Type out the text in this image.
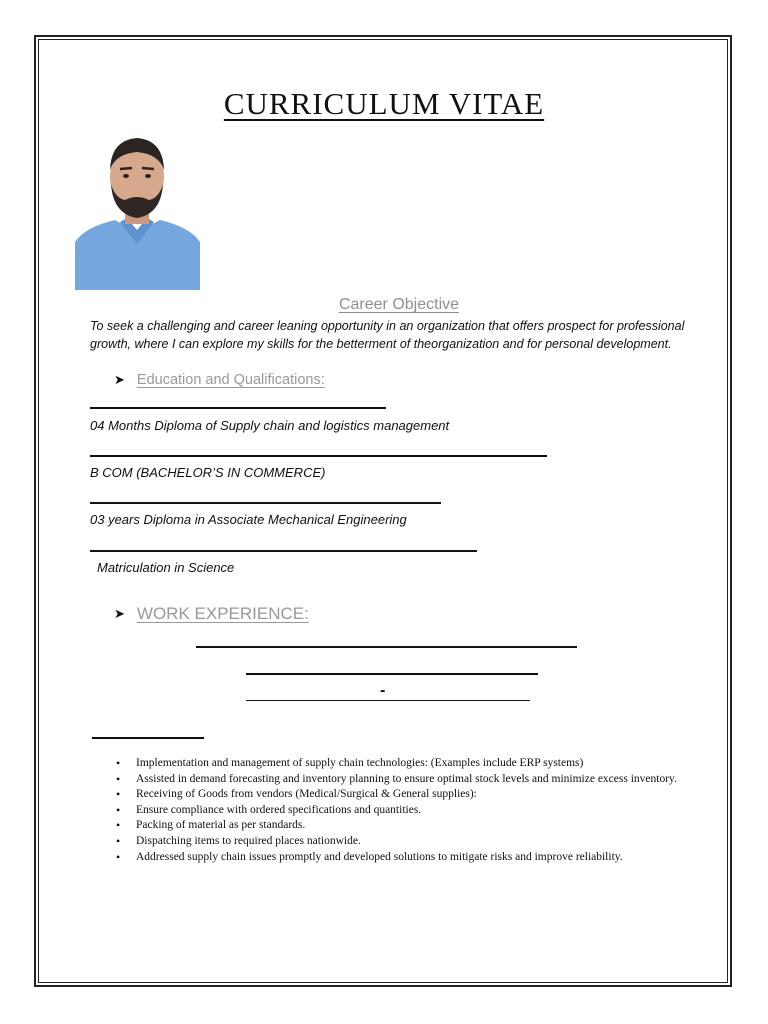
CURRICULUM VITAE
Career Objective
To seek a challenging and career leaning opportunity in an organization that offers prospect for professional growth, where I can explore my skills for the betterment of theorganization and for personal development.
➤ Education and Qualifications:
04 Months Diploma of Supply chain and logistics management
B COM (BACHELOR’S IN COMMERCE)
03 years Diploma in Associate Mechanical Engineering
Matriculation in Science
➤ WORK EXPERIENCE:
-
• Implementation and management of supply chain technologies: (Examples include ERP systems)
• Assisted in demand forecasting and inventory planning to ensure optimal stock levels and minimize excess inventory.
• Receiving of Goods from vendors (Medical/Surgical & General supplies):
• Ensure compliance with ordered specifications and quantities.
• Packing of material as per standards.
• Dispatching items to required places nationwide.
• Addressed supply chain issues promptly and developed solutions to mitigate risks and improve reliability.
